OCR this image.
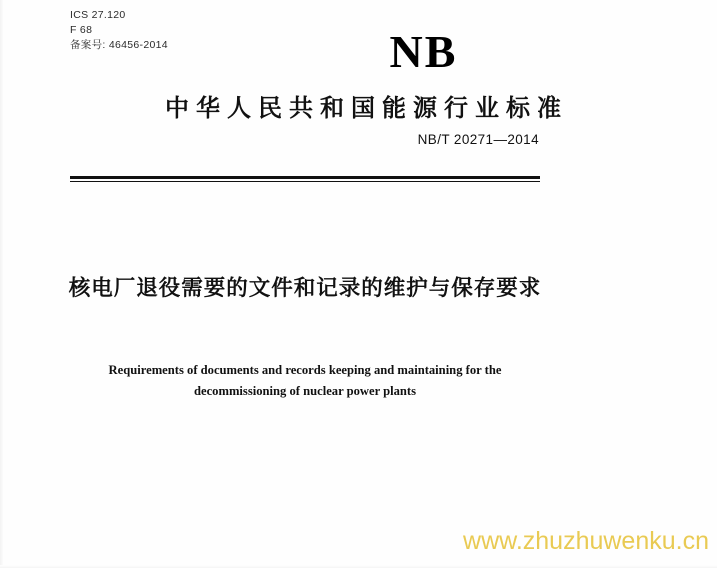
ICS 27.120
F 68
备案号: 46456-2014	NB
中华人民共和国能源行业标准
NB/T 20271—2014
核电厂退役需要的文件和记录的维护与保存要求
Requirements of documents and records keeping and maintaining for the
decommissioning of nuclear power plants
www.zhuzhuwenku.cn
